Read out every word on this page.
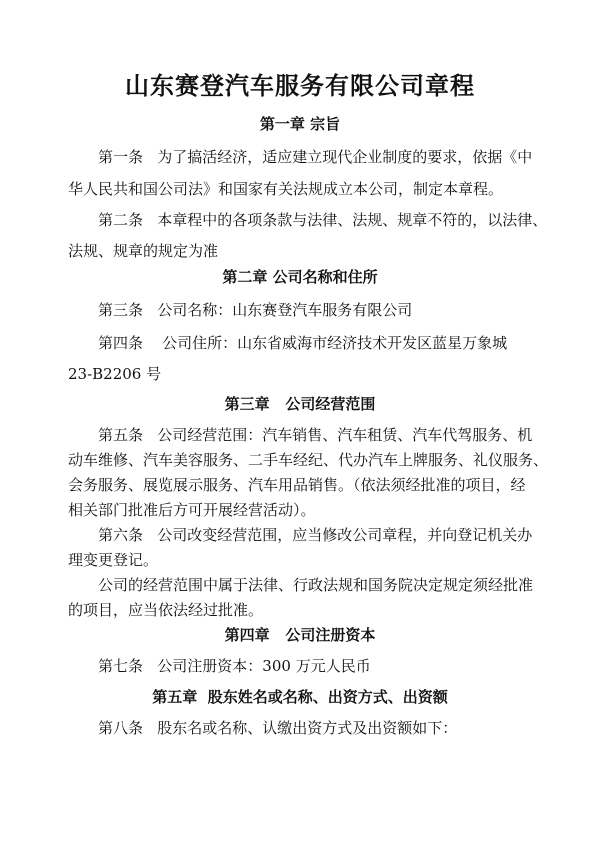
山东赛登汽车服务有限公司章程
第一章 宗旨
第一条   为了搞活经济，适应建立现代企业制度的要求，依据《中
华人民共和国公司法》和国家有关法规成立本公司，制定本章程。
第二条   本章程中的各项条款与法律、法规、规章不符的，以法律、
法规、规章的规定为准
第二章 公司名称和住所
第三条   公司名称：山东赛登汽车服务有限公司
第四条    公司住所：山东省威海市经济技术开发区蓝星万象城
23-B2206 号
第三章   公司经营范围
第五条   公司经营范围：汽车销售、汽车租赁、汽车代驾服务、机
动车维修、汽车美容服务、二手车经纪、代办汽车上牌服务、礼仪服务、
会务服务、展览展示服务、汽车用品销售。（依法须经批准的项目，经
相关部门批准后方可开展经营活动）。
第六条   公司改变经营范围，应当修改公司章程，并向登记机关办
理变更登记。
公司的经营范围中属于法律、行政法规和国务院决定规定须经批准
的项目，应当依法经过批准。
第四章   公司注册资本
第七条   公司注册资本：300 万元人民币
第五章  股东姓名或名称、出资方式、出资额
第八条   股东名或名称、认缴出资方式及出资额如下：
